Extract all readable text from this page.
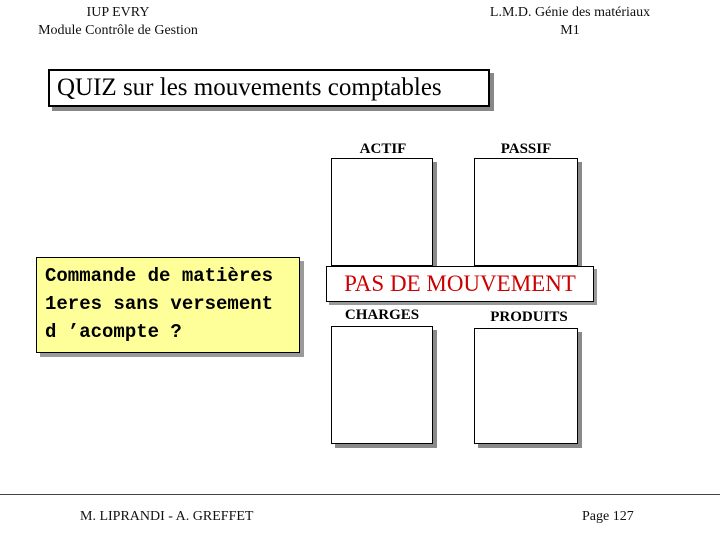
IUP EVRY
Module Contrôle de Gestion
L.M.D. Génie des matériaux
M1
QUIZ sur les mouvements comptables
ACTIF	PASSIF
Commande de matières
1eres sans versement
d ’acompte ?
PAS DE MOUVEMENT
CHARGES	PRODUITS
M. LIPRANDI - A. GREFFET	Page 127
